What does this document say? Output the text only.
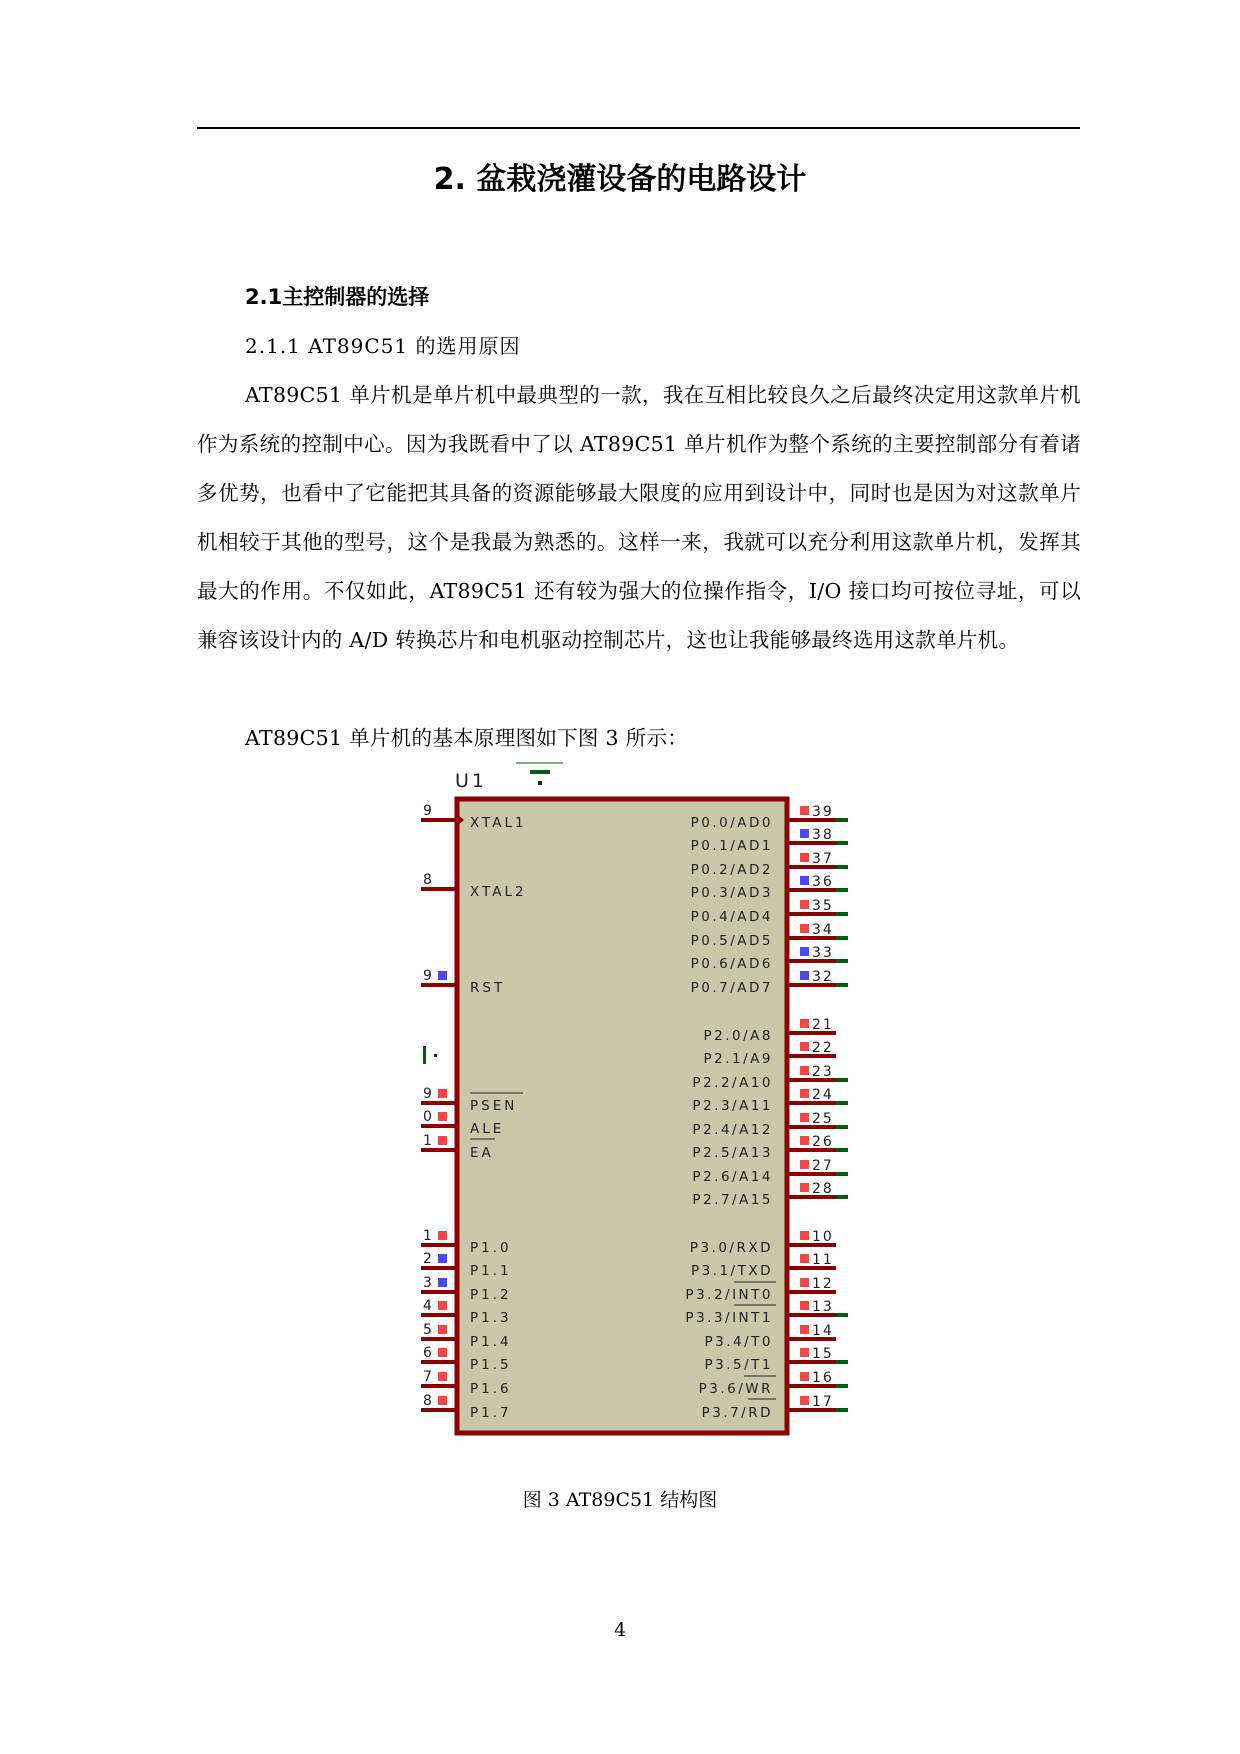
2. 盆栽浇灌设备的电路设计
2.1主控制器的选择
2.1.1 AT89C51 的选用原因
AT89C51 单片机是单片机中最典型的一款，我在互相比较良久之后最终决定用这款单片机作为系统的控制中心。因为我既看中了以 AT89C51 单片机作为整个系统的主要控制部分有着诸多优势，也看中了它能把其具备的资源能够最大限度的应用到设计中，同时也是因为对这款单片机相较于其他的型号，这个是我最为熟悉的。这样一来，我就可以充分利用这款单片机，发挥其最大的作用。不仅如此，AT89C51 还有较为强大的位操作指令，I/O 接口均可按位寻址，可以兼容该设计内的 A/D 转换芯片和电机驱动控制芯片，这也让我能够最终选用这款单片机。
AT89C51 单片机的基本原理图如下图 3 所示：
U1
9
8
9
9
0
1
1
2
3
4
5
6
7
8
XTAL1
XTAL2
RST
PSEN
ALE
EA
P1.0
P1.1
P1.2
P1.3
P1.4
P1.5
P1.6
P1.7
39
38
37
36
35
34
33
32
21
22
23
24
25
26
27
28
10
11
12
13
14
15
16
17
P0.0/AD0
P0.1/AD1
P0.2/AD2
P0.3/AD3
P0.4/AD4
P0.5/AD5
P0.6/AD6
P0.7/AD7
P2.0/A8
P2.1/A9
P2.2/A10
P2.3/A11
P2.4/A12
P2.5/A13
P2.6/A14
P2.7/A15
P3.0/RXD
P3.1/TXD
P3.2/INT0
P3.3/INT1
P3.4/T0
P3.5/T1
P3.6/WR
P3.7/RD
图 3 AT89C51 结构图
4
